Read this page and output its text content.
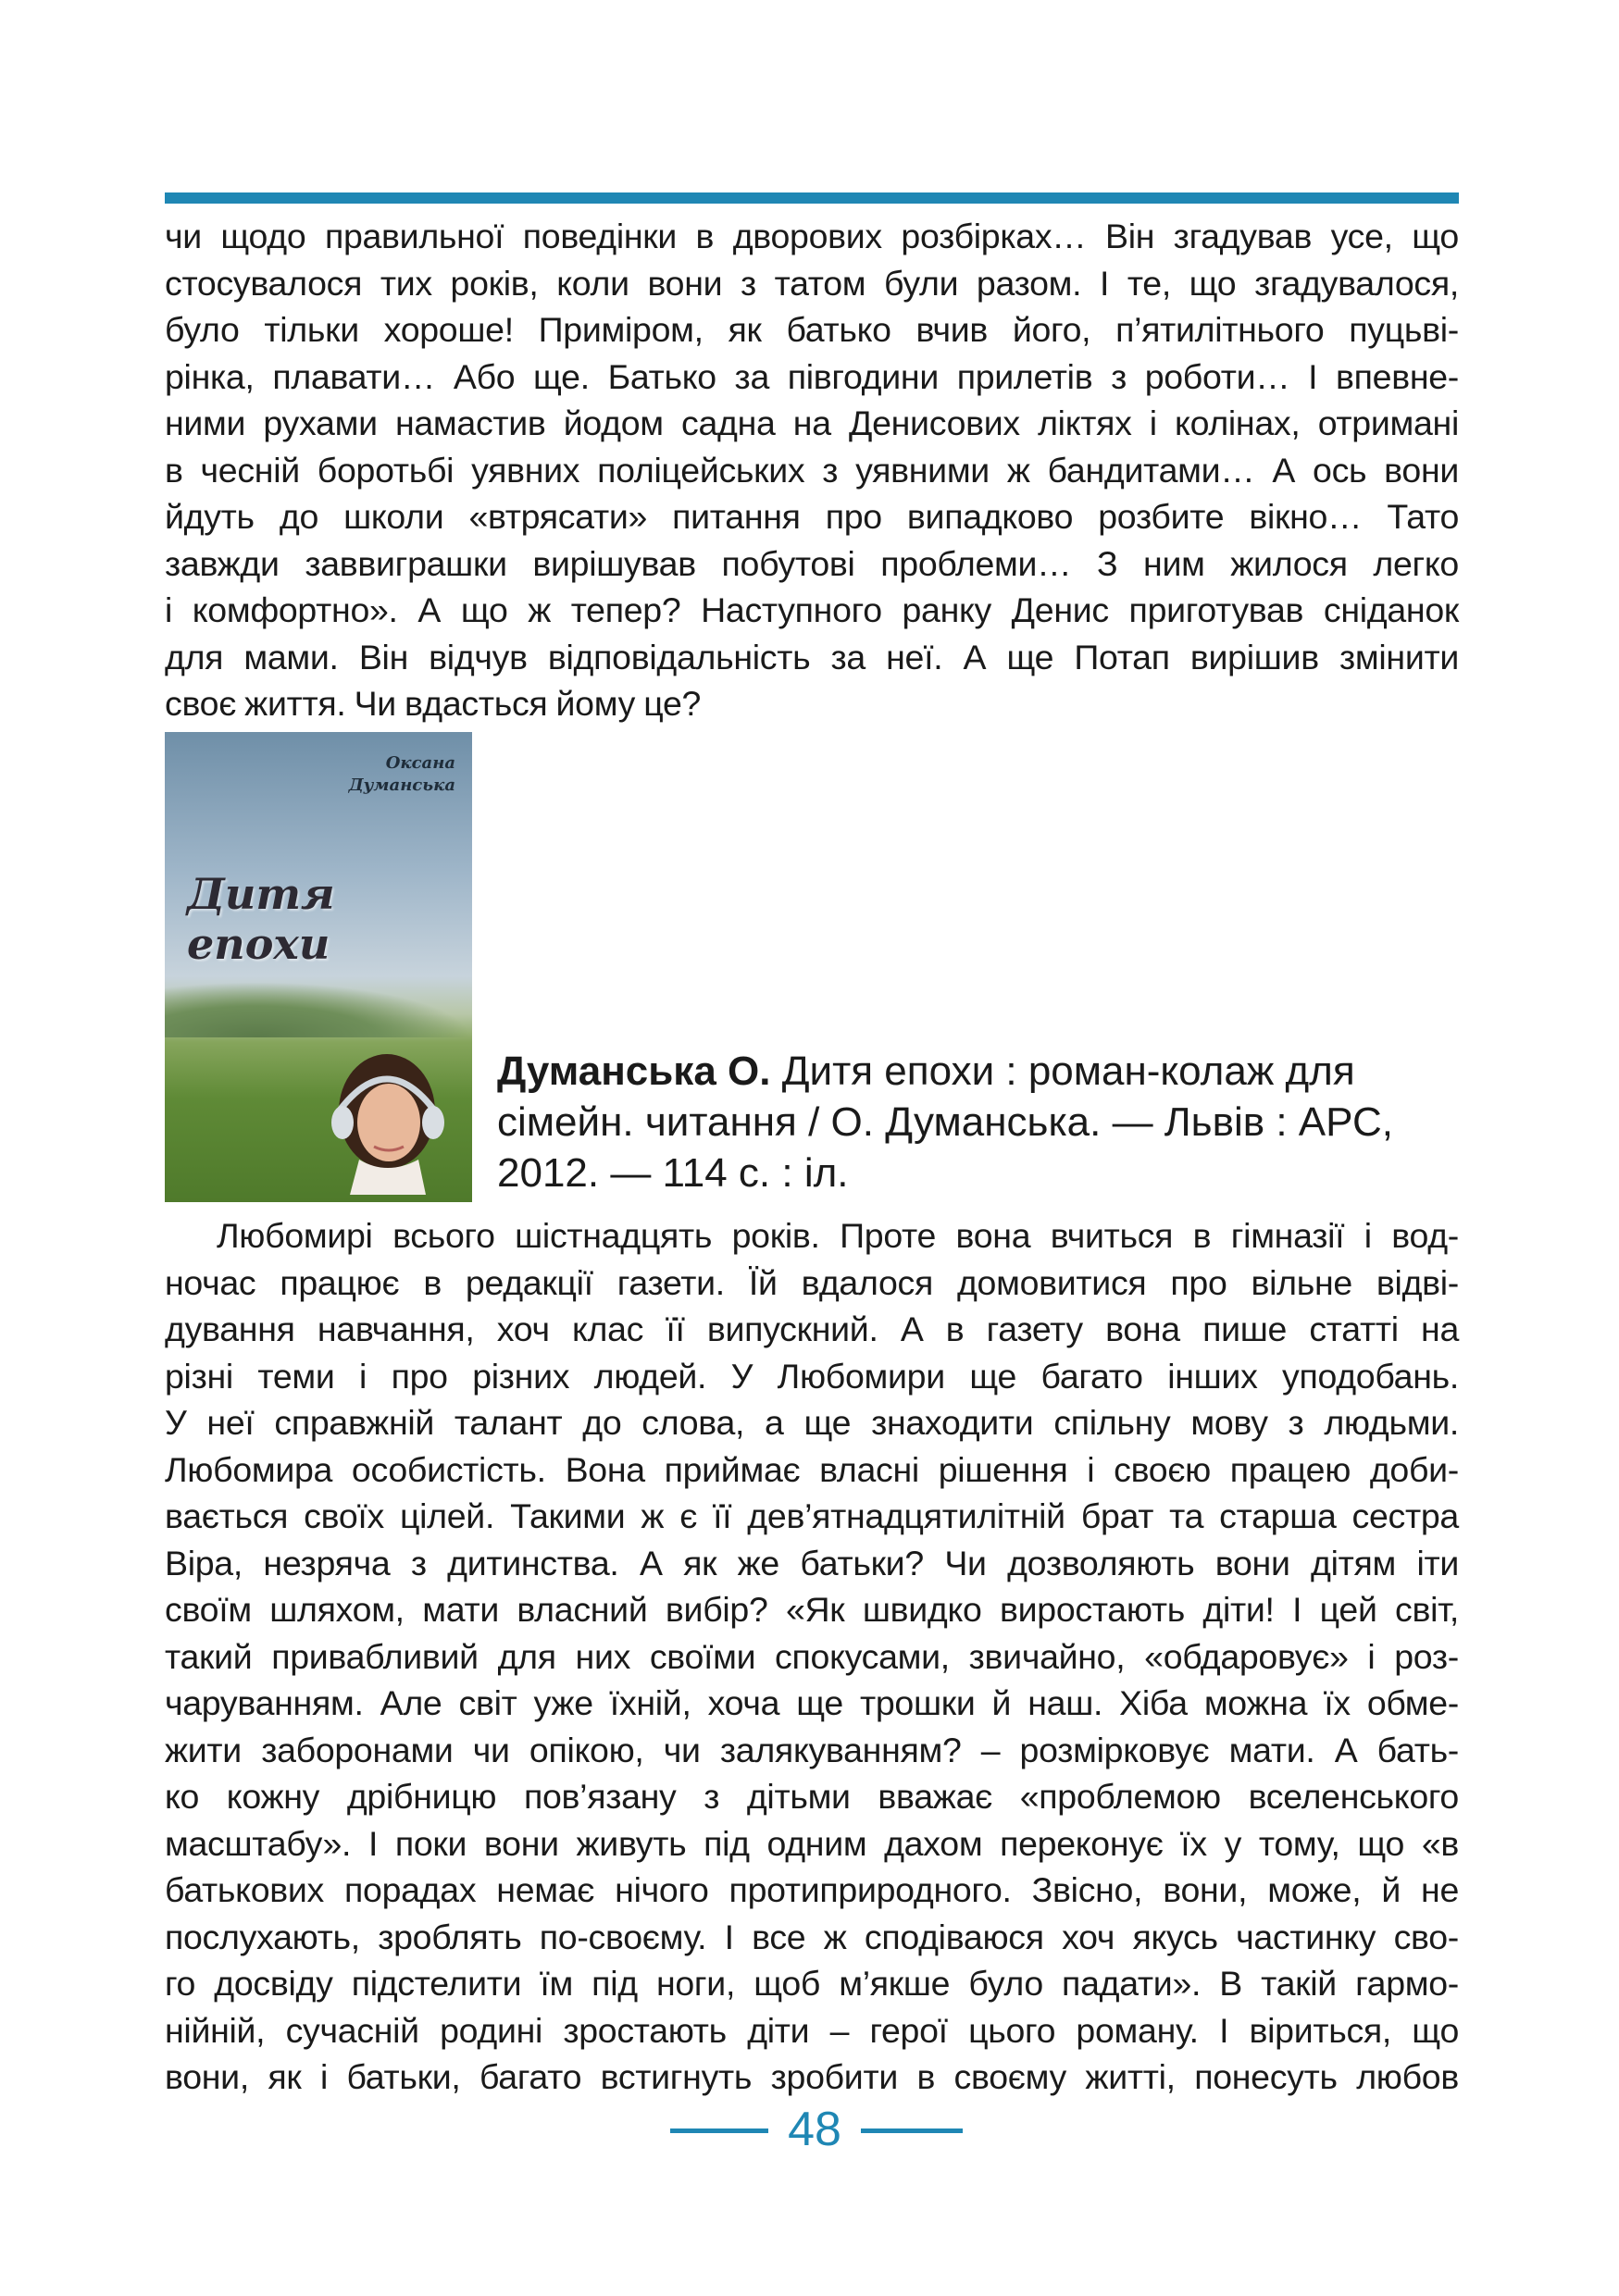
чи щодо правильної поведінки в дворових розбірках… Він згадував усе, що
стосувалося тих років, коли вони з татом були разом. І те, що згадувалося,
було тільки хороше! Приміром, як батько вчив його, п’ятилітнього пуцьві-
рінка, плавати… Або ще. Батько за півгодини прилетів з роботи… І впевне-
ними рухами намастив йодом садна на Денисових ліктях і колінах, отримані
в чесній боротьбі уявних поліцейських з уявними ж бандитами… А ось вони
йдуть до школи «втрясати» питання про випадково розбите вікно… Тато
завжди заввиграшки вирішував побутові проблеми… З ним жилося легко
і комфортно». А що ж тепер? Наступного ранку Денис приготував сніданок
для мами. Він відчув відповідальність за неї. А ще Потап вирішив змінити
своє життя. Чи вдасться йому це?
Оксана
Думанська
Дитя епохи
Думанська О. Дитя епохи : роман-колаж для
сімейн. читання / О. Думанська. — Львів : АРС,
2012. — 114 с. : іл.
Любомирі всього шістнадцять років. Проте вона вчиться в гімназії і вод-
ночас працює в редакції газети. Їй вдалося домовитися про вільне відві-
дування навчання, хоч клас її випускний. А в газету вона пише статті на
різні теми і про різних людей. У Любомири ще багато інших уподобань.
У неї справжній талант до слова, а ще знаходити спільну мову з людьми.
Любомира особистість. Вона приймає власні рішення і своєю працею доби-
вається своїх цілей. Такими ж є її дев’ятнадцятилітній брат та старша сестра
Віра, незряча з дитинства. А як же батьки? Чи дозволяють вони дітям іти
своїм шляхом, мати власний вибір? «Як швидко виростають діти! І цей світ,
такий привабливий для них своїми спокусами, звичайно, «обдаровує» і роз-
чаруванням. Але світ уже їхній, хоча ще трошки й наш. Хіба можна їх обме-
жити заборонами чи опікою, чи залякуванням? – розмірковує мати. А бать-
ко кожну дрібницю пов’язану з дітьми вважає «проблемою вселенського
масштабу». І поки вони живуть під одним дахом переконує їх у тому, що «в
батькових порадах немає нічого протиприродного. Звісно, вони, може, й не
послухають, зроблять по-своєму. І все ж сподіваюся хоч якусь частинку сво-
го досвіду підстелити їм під ноги, щоб м’якше було падати». В такій гармо-
нійній, сучасній родині зростають діти – герої цього роману. І віриться, що
вони, як і батьки, багато встигнуть зробити в своєму житті, понесуть любов
48
